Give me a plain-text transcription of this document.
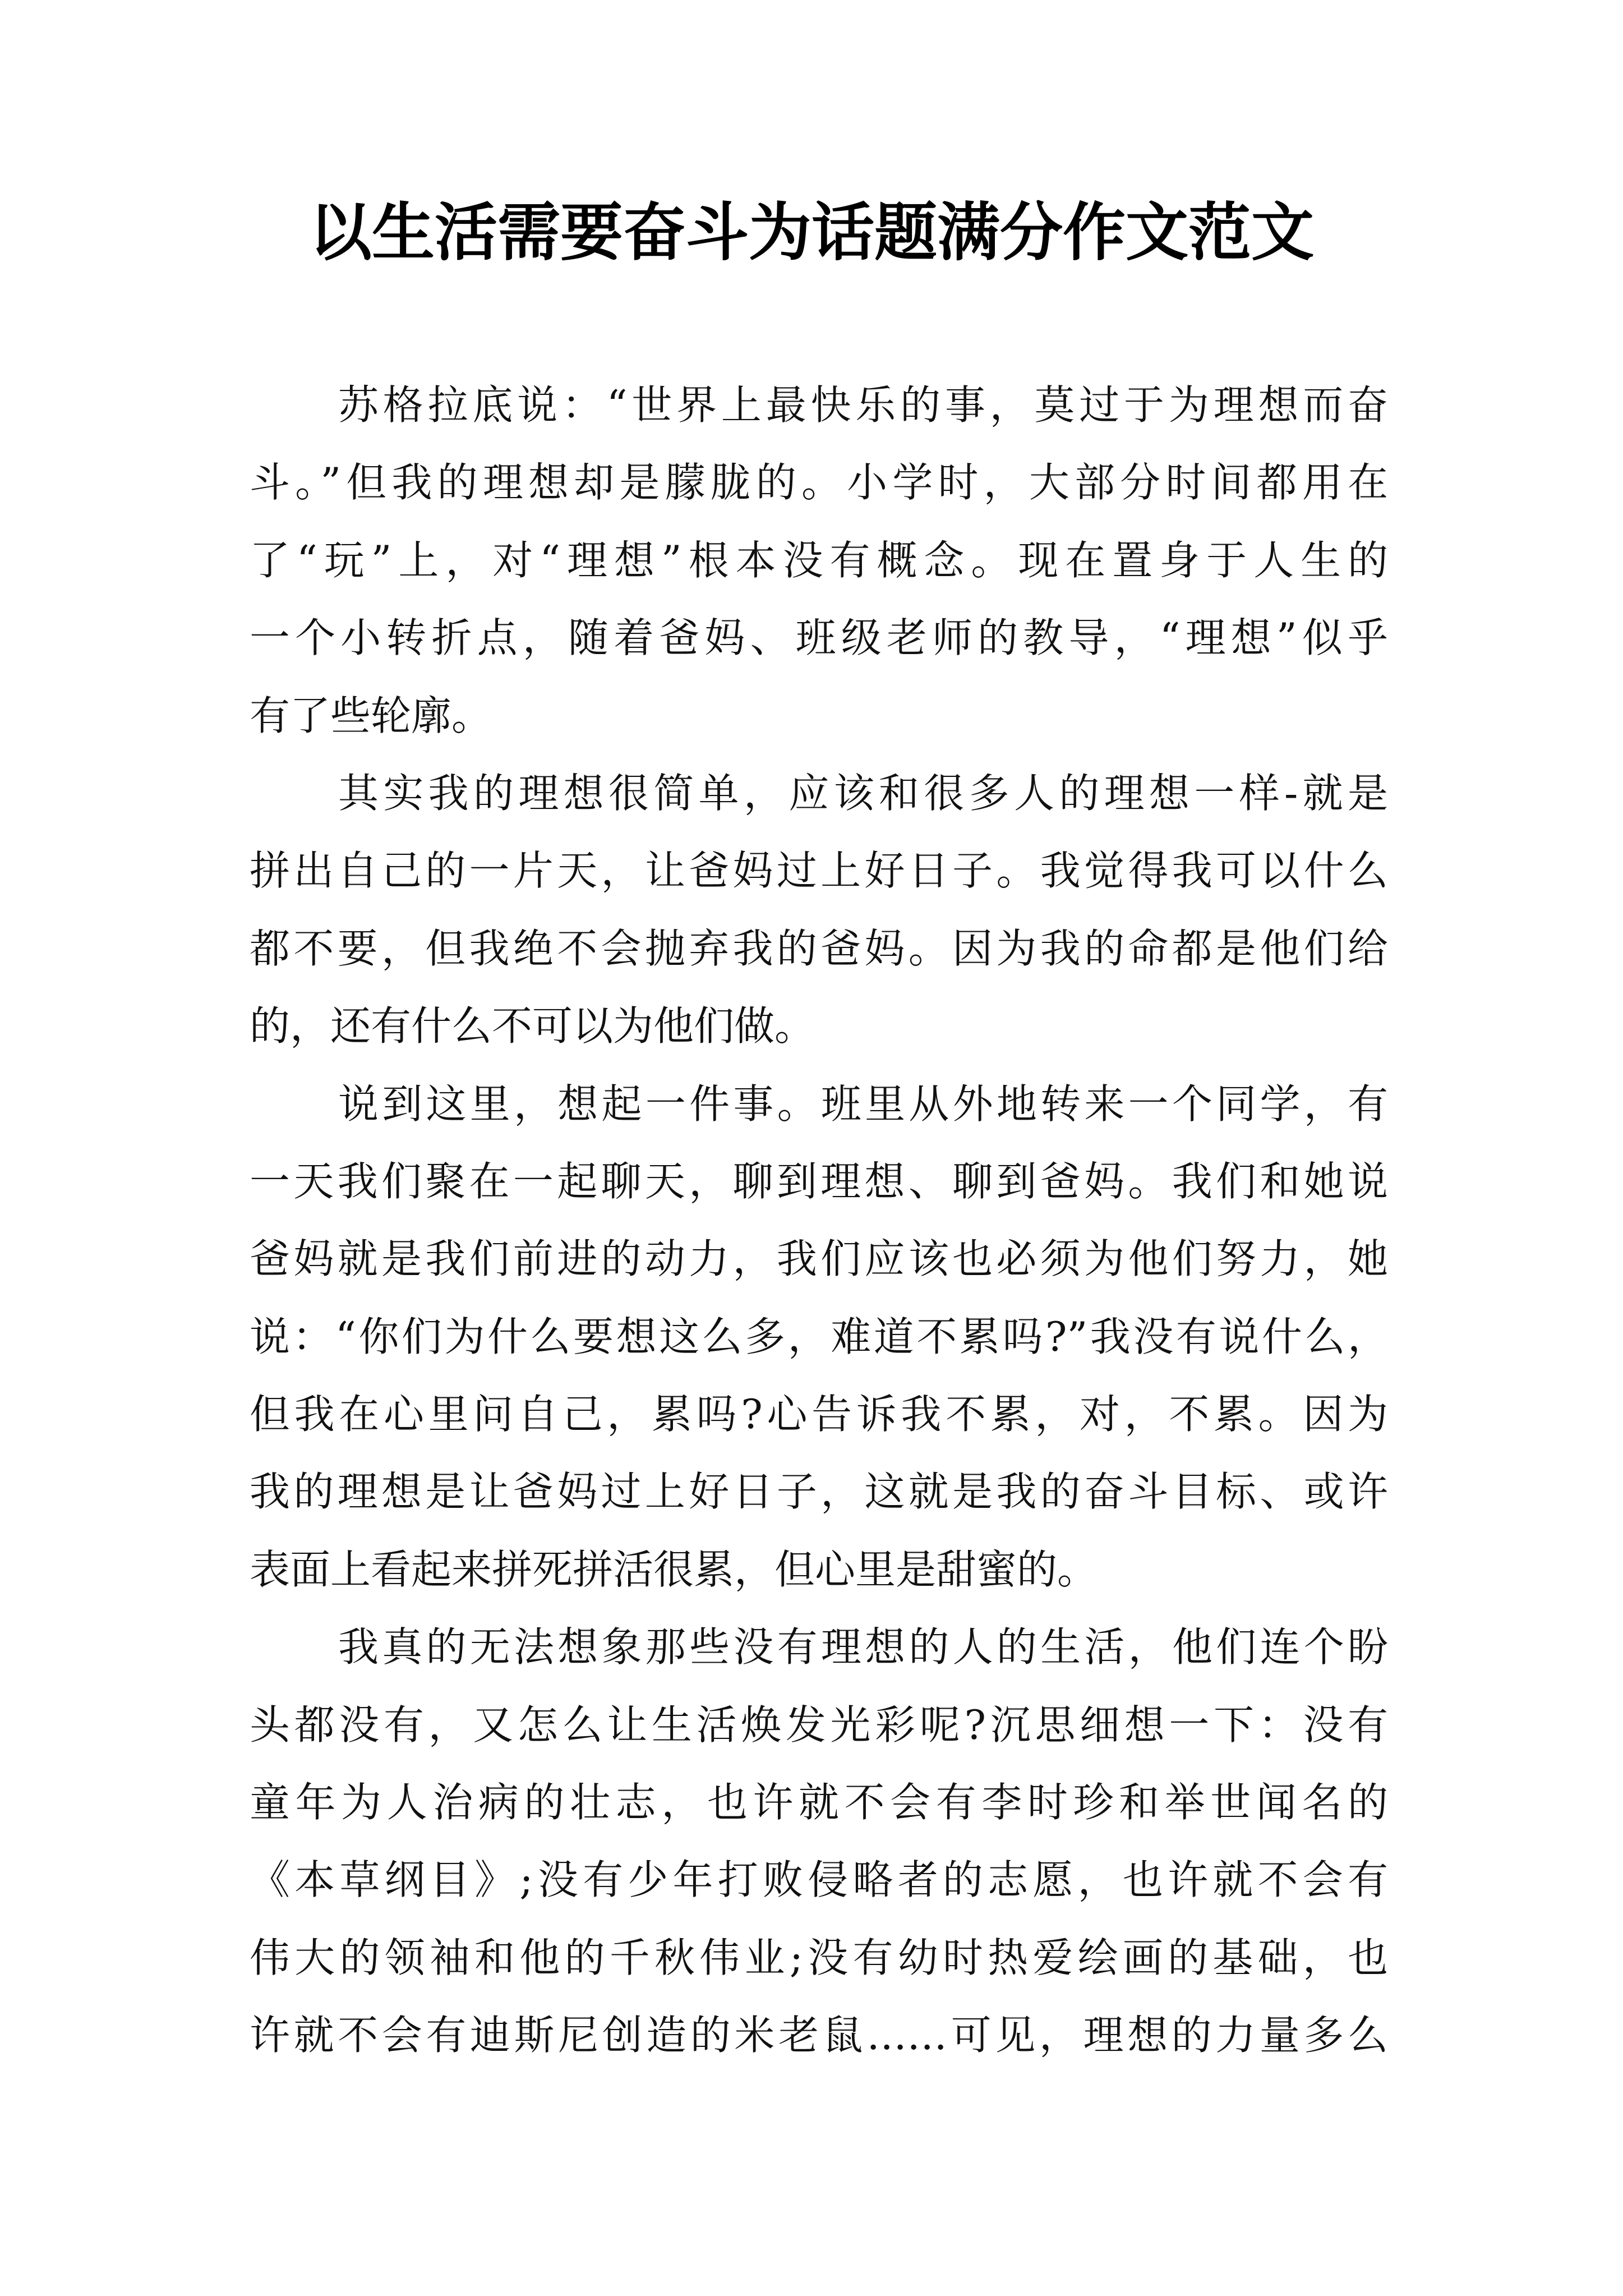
以生活需要奋斗为话题满分作文范文
苏格拉底说：“世界上最快乐的事，莫过于为理想而奋
斗。”但我的理想却是朦胧的。小学时，大部分时间都用在
了“玩”上，对“理想”根本没有概念。现在置身于人生的
一个小转折点，随着爸妈、班级老师的教导，“理想”似乎
有了些轮廓。
其实我的理想很简单，应该和很多人的理想一样-就是
拼出自己的一片天，让爸妈过上好日子。我觉得我可以什么
都不要，但我绝不会抛弃我的爸妈。因为我的命都是他们给
的，还有什么不可以为他们做。
说到这里，想起一件事。班里从外地转来一个同学，有
一天我们聚在一起聊天，聊到理想、聊到爸妈。我们和她说
爸妈就是我们前进的动力，我们应该也必须为他们努力，她
说：“你们为什么要想这么多，难道不累吗?”我没有说什么，
但我在心里问自己，累吗?心告诉我不累，对，不累。因为
我的理想是让爸妈过上好日子，这就是我的奋斗目标、或许
表面上看起来拼死拼活很累，但心里是甜蜜的。
我真的无法想象那些没有理想的人的生活，他们连个盼
头都没有，又怎么让生活焕发光彩呢?沉思细想一下：没有
童年为人治病的壮志，也许就不会有李时珍和举世闻名的
《本草纲目》;没有少年打败侵略者的志愿，也许就不会有
伟大的领袖和他的千秋伟业;没有幼时热爱绘画的基础，也
许就不会有迪斯尼创造的米老鼠……可见，理想的力量多么
